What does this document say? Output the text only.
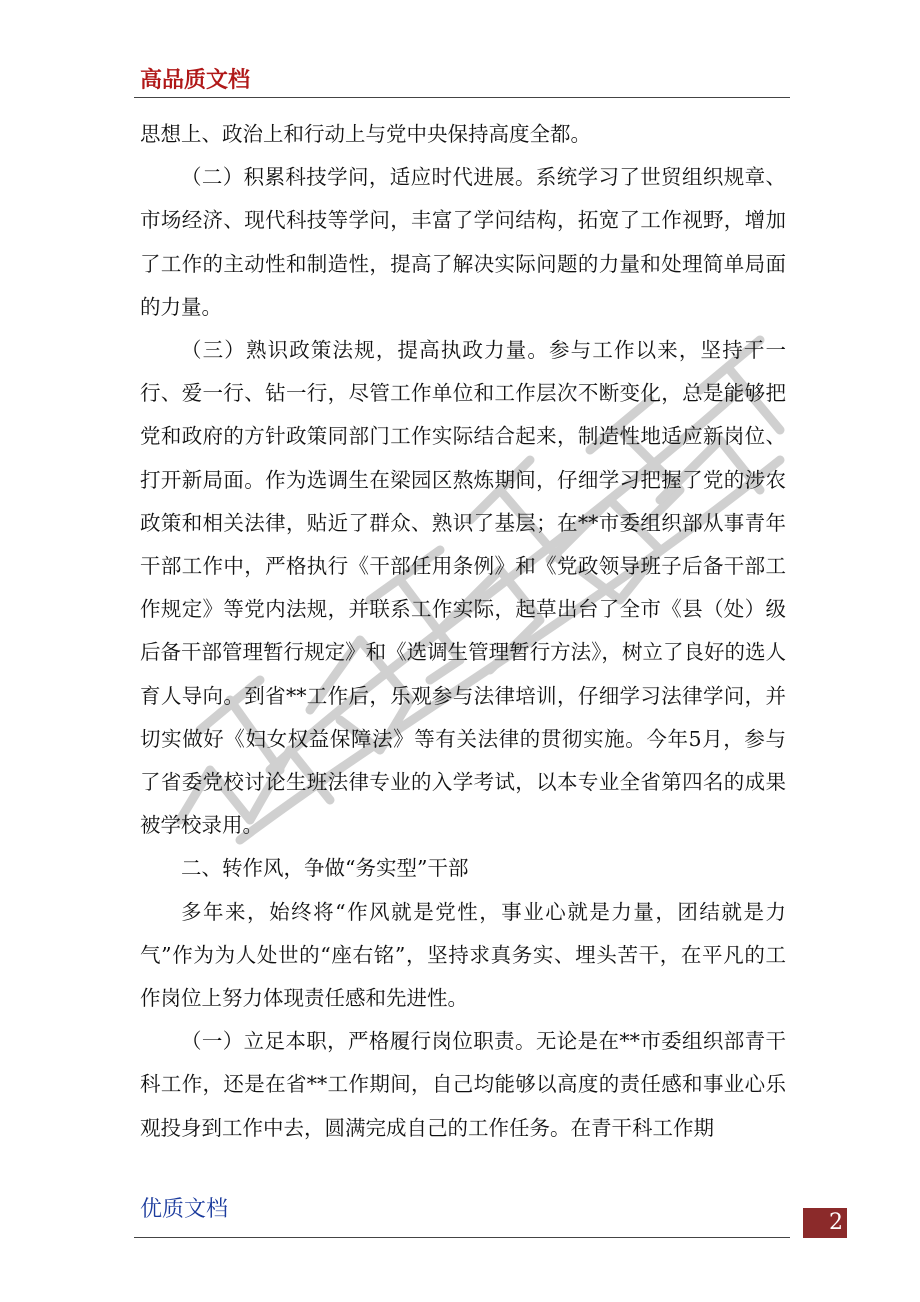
高品质文档

思想上、政治上和行动上与党中央保持高度全都。

（二）积累科技学问，适应时代进展。系统学习了世贸组织规章、市场经济、现代科技等学问，丰富了学问结构，拓宽了工作视野，增加了工作的主动性和制造性，提高了解决实际问题的力量和处理简单局面的力量。

（三）熟识政策法规，提高执政力量。参与工作以来，坚持干一行、爱一行、钻一行，尽管工作单位和工作层次不断变化，总是能够把党和政府的方针政策同部门工作实际结合起来，制造性地适应新岗位、打开新局面。作为选调生在梁园区熬炼期间，仔细学习把握了党的涉农政策和相关法律，贴近了群众、熟识了基层；在**市委组织部从事青年干部工作中，严格执行《干部任用条例》和《党政领导班子后备干部工作规定》等党内法规，并联系工作实际，起草出台了全市《县（处）级后备干部管理暂行规定》和《选调生管理暂行方法》，树立了良好的选人育人导向。到省**工作后，乐观参与法律培训，仔细学习法律学问，并切实做好《妇女权益保障法》等有关法律的贯彻实施。今年5月，参与了省委党校讨论生班法律专业的入学考试，以本专业全省第四名的成果被学校录用。

二、转作风，争做“务实型”干部

多年来，始终将“作风就是党性，事业心就是力量，团结就是力气”作为为人处世的“座右铭”，坚持求真务实、埋头苦干，在平凡的工作岗位上努力体现责任感和先进性。

（一）立足本职，严格履行岗位职责。无论是在**市委组织部青干科工作，还是在省**工作期间，自己均能够以高度的责任感和事业心乐观投身到工作中去，圆满完成自己的工作任务。在青干科工作期

优质文档
2
